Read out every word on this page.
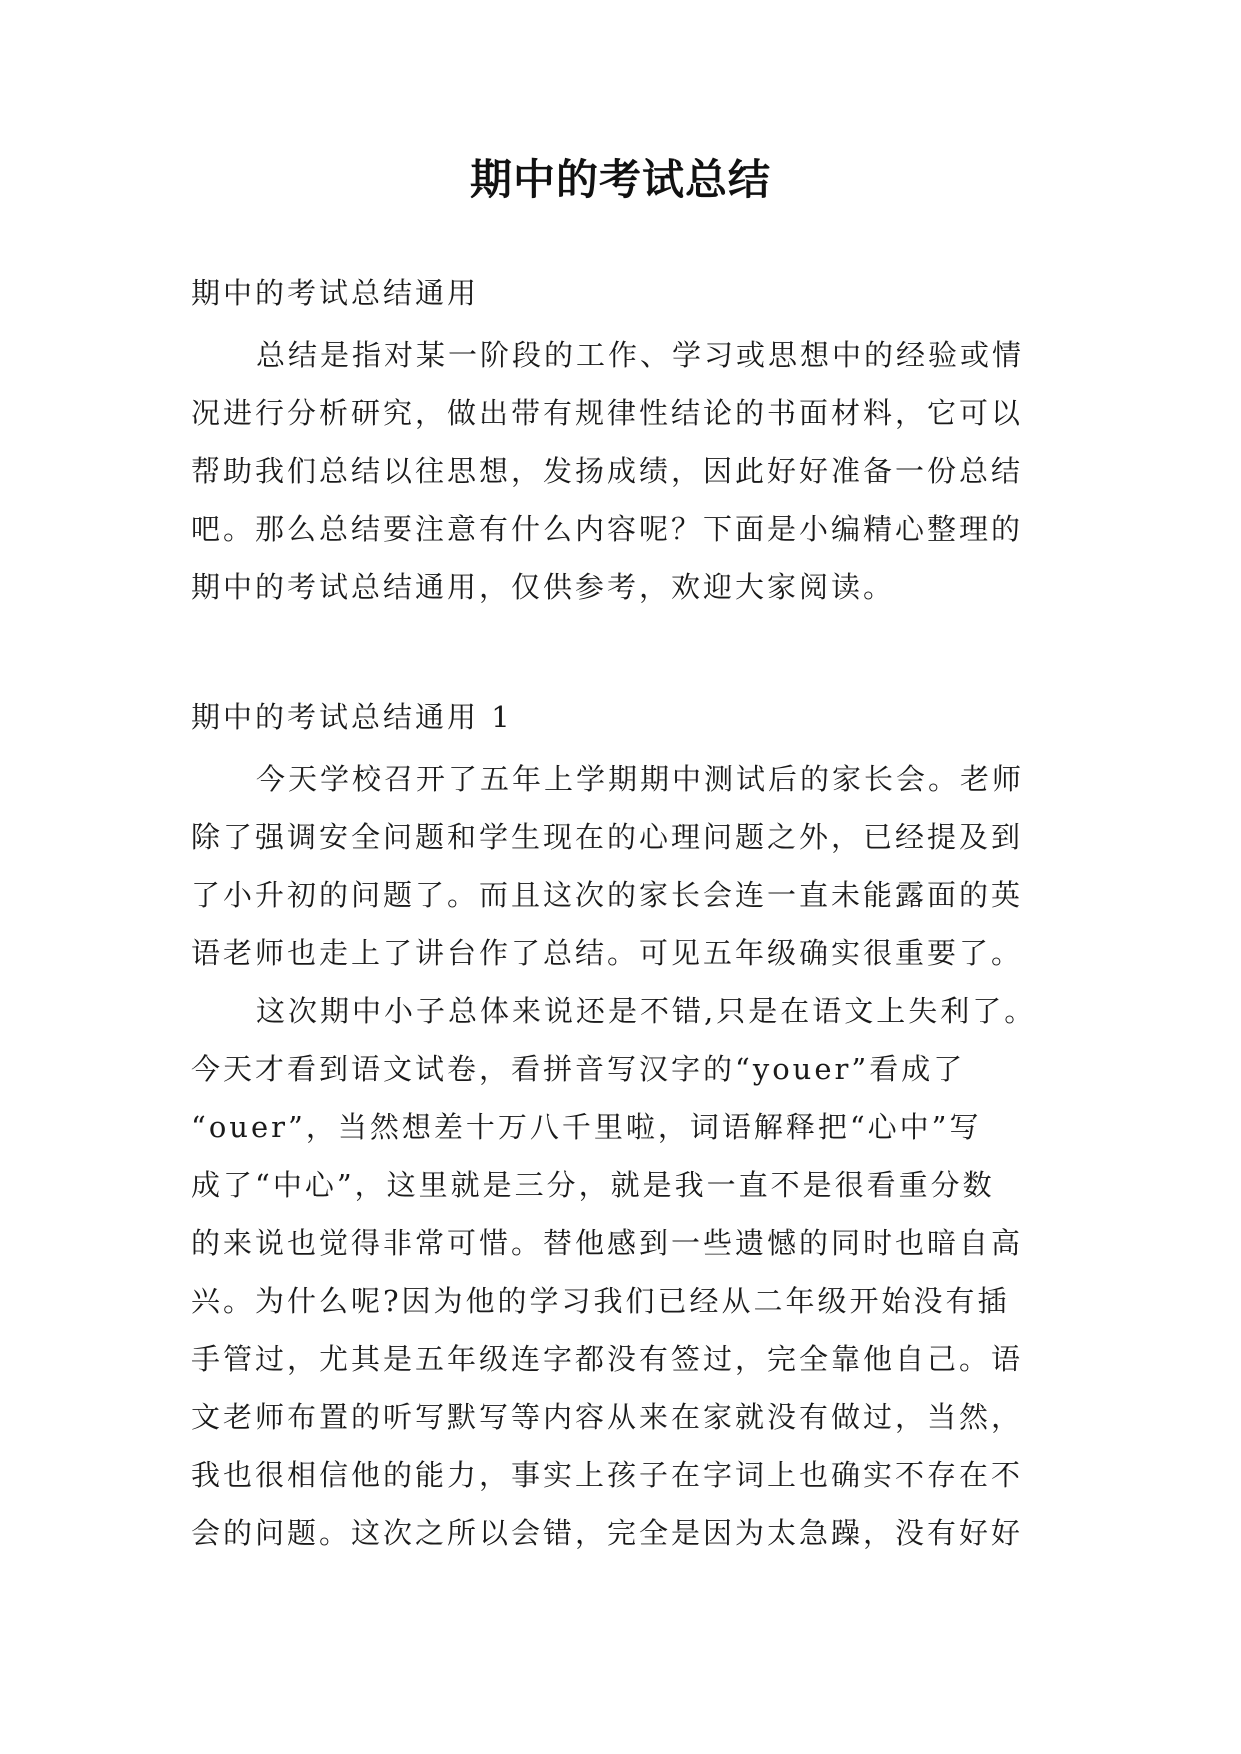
期中的考试总结
期中的考试总结通用
总结是指对某一阶段的工作、学习或思想中的经验或情
况进行分析研究，做出带有规律性结论的书面材料，它可以
帮助我们总结以往思想，发扬成绩，因此好好准备一份总结
吧。那么总结要注意有什么内容呢？下面是小编精心整理的
期中的考试总结通用，仅供参考，欢迎大家阅读。
期中的考试总结通用 1
今天学校召开了五年上学期期中测试后的家长会。老师
除了强调安全问题和学生现在的心理问题之外，已经提及到
了小升初的问题了。而且这次的家长会连一直未能露面的英
语老师也走上了讲台作了总结。可见五年级确实很重要了。
这次期中小子总体来说还是不错,只是在语文上失利了。
今天才看到语文试卷，看拼音写汉字的“youer”看成了
“ouer”，当然想差十万八千里啦，词语解释把“心中”写
成了“中心”，这里就是三分，就是我一直不是很看重分数
的来说也觉得非常可惜。替他感到一些遗憾的同时也暗自高
兴。为什么呢?因为他的学习我们已经从二年级开始没有插
手管过，尤其是五年级连字都没有签过，完全靠他自己。语
文老师布置的听写默写等内容从来在家就没有做过，当然，
我也很相信他的能力，事实上孩子在字词上也确实不存在不
会的问题。这次之所以会错，完全是因为太急躁，没有好好
